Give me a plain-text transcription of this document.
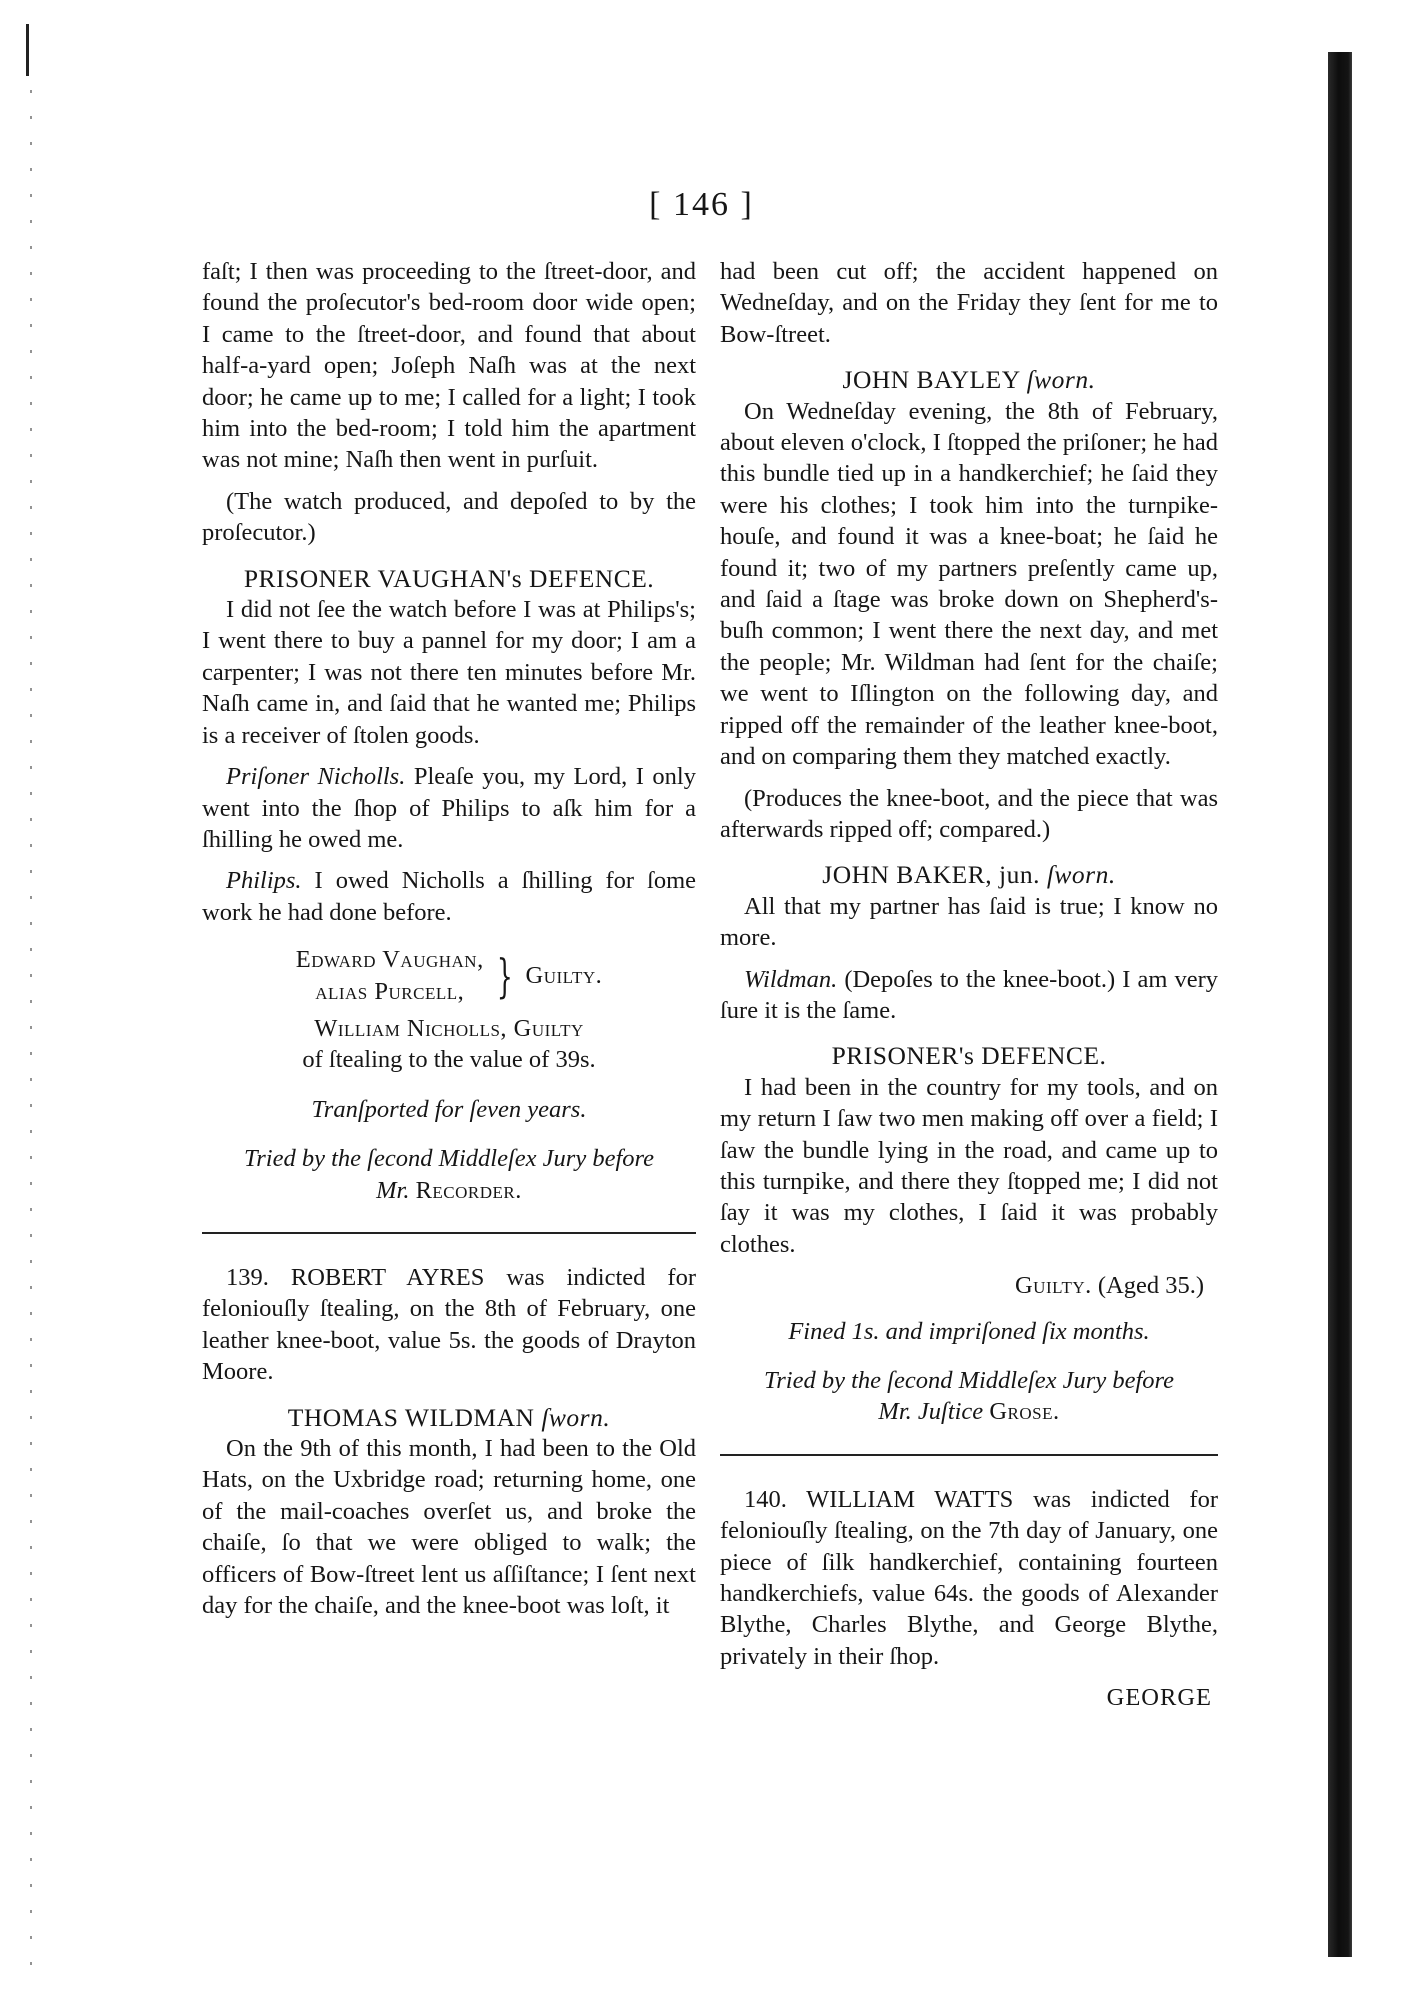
[ 146 ]

faſt; I then was proceeding to the ſtreet-door, and found the proſecutor's bed-room door wide open; I came to the ſtreet-door, and found that about half-a-yard open; Joſeph Naſh was at the next door; he came up to me; I called for a light; I took him into the bed-room; I told him the apartment was not mine; Naſh then went in purſuit.

(The watch produced, and depoſed to by the proſecutor.)

PRISONER VAUGHAN's DEFENCE.

I did not ſee the watch before I was at Philips's; I went there to buy a pannel for my door; I am a carpenter; I was not there ten minutes before Mr. Naſh came in, and ſaid that he wanted me; Philips is a receiver of ſtolen goods.

Priſoner Nicholls. Pleaſe you, my Lord, I only went into the ſhop of Philips to aſk him for a ſhilling he owed me.

Philips. I owed Nicholls a ſhilling for ſome work he had done before.

Edward Vaughan,
alias Purcell, } Guilty.
William Nicholls, Guilty
of ſtealing to the value of 39s.
Tranſported for ſeven years.
Tried by the ſecond Middleſex Jury before
Mr. Recorder.

139. ROBERT AYRES was indicted for feloniouſly ſtealing, on the 8th of February, one leather knee-boot, value 5s. the goods of Drayton Moore.

THOMAS WILDMAN ſworn.

On the 9th of this month, I had been to the Old Hats, on the Uxbridge road; returning home, one of the mail-coaches overſet us, and broke the chaiſe, ſo that we were obliged to walk; the officers of Bow-ſtreet lent us aſſiſtance; I ſent next day for the chaiſe, and the knee-boot was loſt, it

had been cut off; the accident happened on Wedneſday, and on the Friday they ſent for me to Bow-ſtreet.

JOHN BAYLEY ſworn.

On Wedneſday evening, the 8th of February, about eleven o'clock, I ſtopped the priſoner; he had this bundle tied up in a handkerchief; he ſaid they were his clothes; I took him into the turnpike-houſe, and found it was a knee-boat; he ſaid he found it; two of my partners preſently came up, and ſaid a ſtage was broke down on Shepherd's-buſh common; I went there the next day, and met the people; Mr. Wildman had ſent for the chaiſe; we went to Iſlington on the following day, and ripped off the remainder of the leather knee-boot, and on comparing them they matched exactly.

(Produces the knee-boot, and the piece that was afterwards ripped off; compared.)

JOHN BAKER, jun. ſworn.

All that my partner has ſaid is true; I know no more.

Wildman. (Depoſes to the knee-boot.) I am very ſure it is the ſame.

PRISONER's DEFENCE.

I had been in the country for my tools, and on my return I ſaw two men making off over a field; I ſaw the bundle lying in the road, and came up to this turnpike, and there they ſtopped me; I did not ſay it was my clothes, I ſaid it was probably clothes.

Guilty. (Aged 35.)
Fined 1s. and impriſoned ſix months.
Tried by the ſecond Middleſex Jury before
Mr. Juſtice Grose.

140. WILLIAM WATTS was indicted for feloniouſly ſtealing, on the 7th day of January, one piece of ſilk handkerchief, containing fourteen handkerchiefs, value 64s. the goods of Alexander Blythe, Charles Blythe, and George Blythe, privately in their ſhop.

GEORGE
